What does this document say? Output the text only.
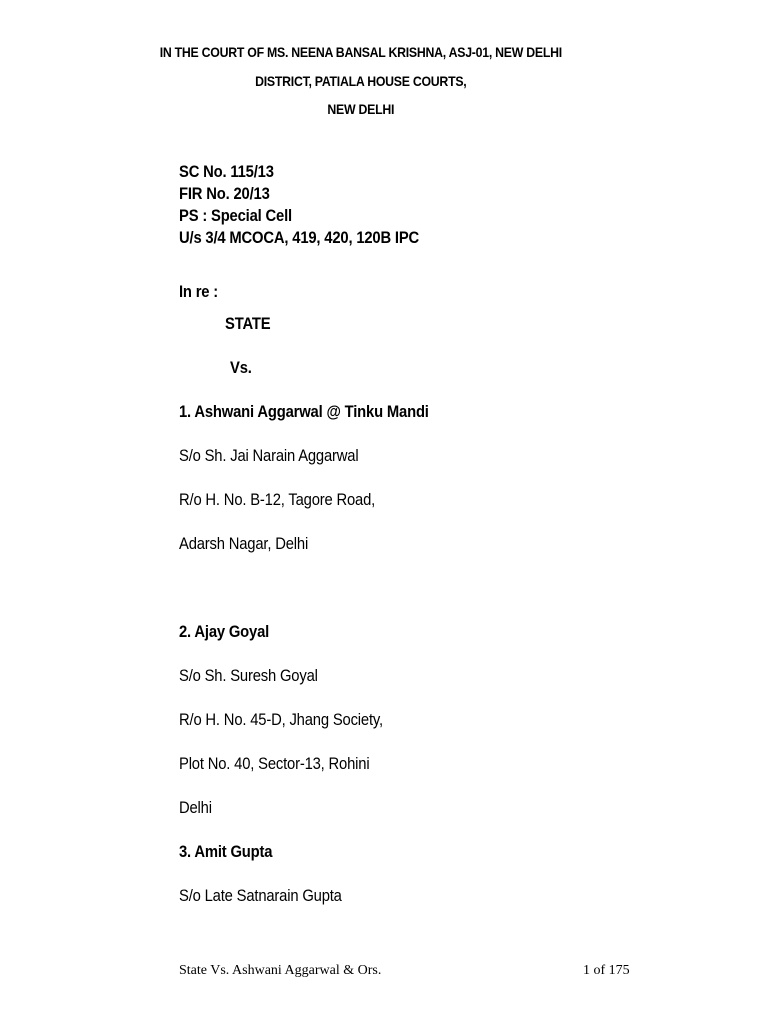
IN THE COURT OF MS. NEENA BANSAL KRISHNA, ASJ-01, NEW DELHI
DISTRICT, PATIALA HOUSE COURTS,
NEW DELHI
SC No. 115/13
FIR No. 20/13
PS : Special Cell
U/s 3/4 MCOCA, 419, 420, 120B IPC
In re :
STATE
Vs.
1. Ashwani Aggarwal @ Tinku Mandi
S/o Sh. Jai Narain Aggarwal
R/o H. No. B-12, Tagore Road,
Adarsh Nagar, Delhi
2. Ajay Goyal
S/o Sh. Suresh Goyal
R/o H. No. 45-D, Jhang Society,
Plot No. 40, Sector-13, Rohini
Delhi
3. Amit Gupta
S/o Late Satnarain Gupta
State Vs. Ashwani Aggarwal & Ors.	1 of 175
